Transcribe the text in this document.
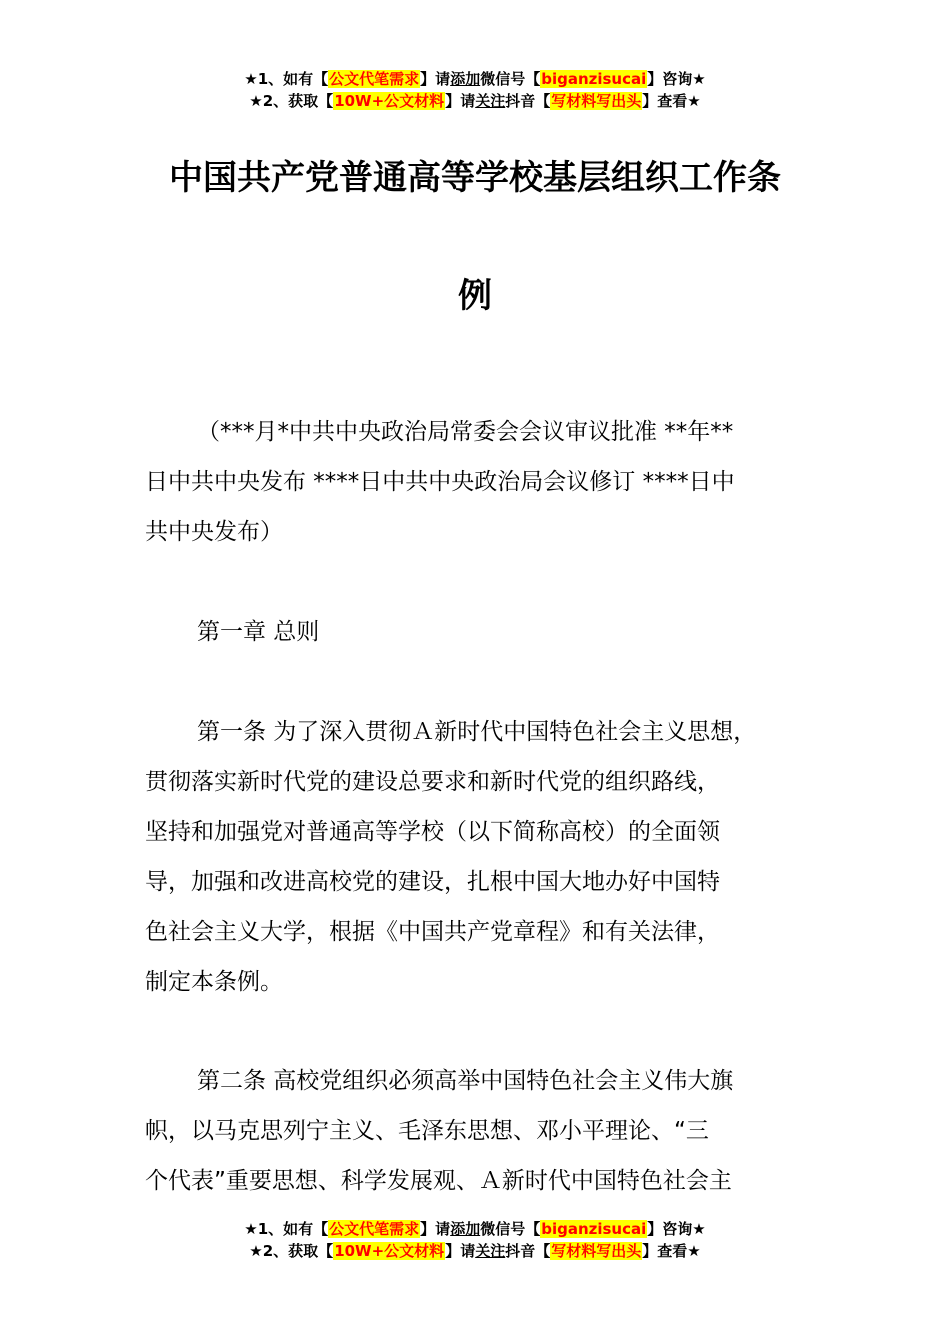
★1、如有【公文代笔需求】请添加微信号【biganzisucai】咨询★
★2、获取【10W+公文材料】请关注抖音【写材料写出头】查看★
中国共产党普通高等学校基层组织工作条
例
（***月*中共中央政治局常委会会议审议批准 **年**
日中共中央发布 ****日中共中央政治局会议修订 ****日中
共中央发布）
第一章 总则
第一条 为了深入贯彻Ａ新时代中国特色社会主义思想，
贯彻落实新时代党的建设总要求和新时代党的组织路线，
坚持和加强党对普通高等学校（以下简称高校）的全面领
导，加强和改进高校党的建设，扎根中国大地办好中国特
色社会主义大学，根据《中国共产党章程》和有关法律，
制定本条例。
第二条 高校党组织必须高举中国特色社会主义伟大旗
帜，以马克思列宁主义、毛泽东思想、邓小平理论、“三
个代表”重要思想、科学发展观、Ａ新时代中国特色社会主
★1、如有【公文代笔需求】请添加微信号【biganzisucai】咨询★
★2、获取【10W+公文材料】请关注抖音【写材料写出头】查看★
